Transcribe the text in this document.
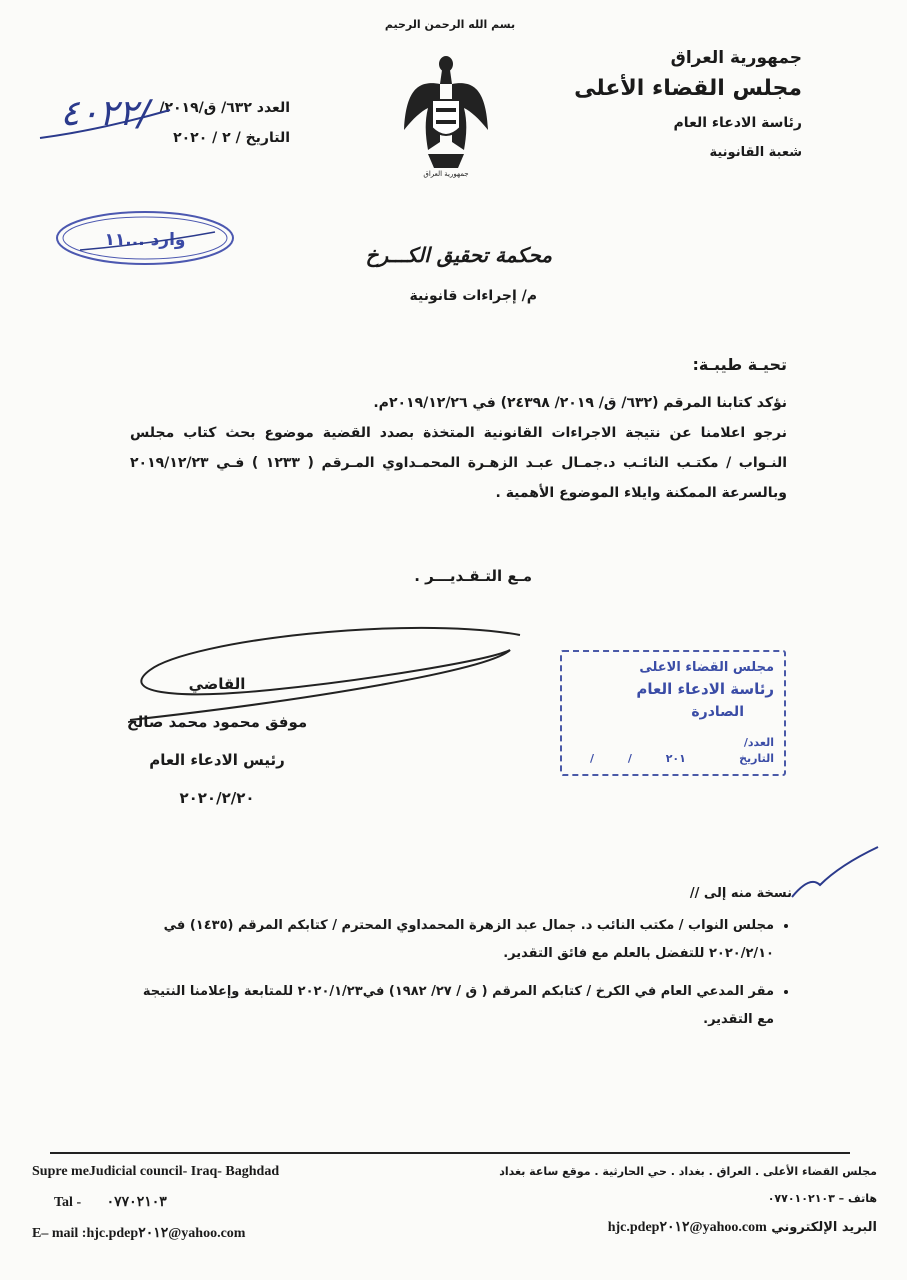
بسم الله الرحمن الرحيم
جمهورية العراق
مجلس القضاء الأعلى
رئاسة الادعاء العام
شعبة القانونية
جمهورية العراق
العدد ٦٣٢/ ق/٢٠١٩/
التاريخ / ٢ / ٢٠٢٠
٤٠٢٢/
وارد ...١١
محكمة تحقيق الكـــرخ
م/ إجراءات قانونية

تحيـة طيبـة:

نؤكد كتابنا المرقم (٦٣٢/ ق/ ٢٠١٩/ ٢٤٣٩٨) في ٢٠١٩/١٢/٢٦م.

نرجو اعلامنا عن نتيجة الاجراءات القانونية المتخذة بصدد القضية موضوع بحث كتاب مجلس

النـواب / مكتـب النائـب د.جمـال عبـد الزهـرة المحمـداوي المـرقم ( ١٢٣٣ ) فـي ٢٠١٩/١٢/٢٣

وبالسرعة الممكنة وايلاء الموضوع الأهمية .

مـع التـقـديـــر .
القاضي
موفق محمود محمد صالح
رئيس الادعاء العام
٢٠٢٠/٢/٢٠
مجلس القضاء الاعلى
رئاسة الادعاء العام
الصادرة
العدد/
التاريخ
٢٠١ / /
نسخة منه إلى //
• مجلس النواب / مكتب النائب د. جمال عبد الزهرة المحمداوي المحترم / كتابكم المرقم (١٤٣٥) في ٢٠٢٠/٢/١٠ للتفضل بالعلم مع فائق التقدير.
• مقر المدعي العام في الكرخ / كتابكم المرقم ( ق / ٢٧/ ١٩٨٢) في٢٠٢٠/١/٢٣ للمتابعة وإعلامنا النتيجة مع التقدير.
Supre meJudicial council- Iraq- Baghdad
Tal - ٠٧٧٠٢١٠٣
E– mail :hjc.pdep٢٠١٢@yahoo.com
مجلس القضاء الأعلى . العراق . بغداد . حي الحارثية . موقع ساعة بغداد
هاتف – ٠٧٧٠١٠٢١٠٣
البريد الإلكتروني hjc.pdep٢٠١٢@yahoo.com
